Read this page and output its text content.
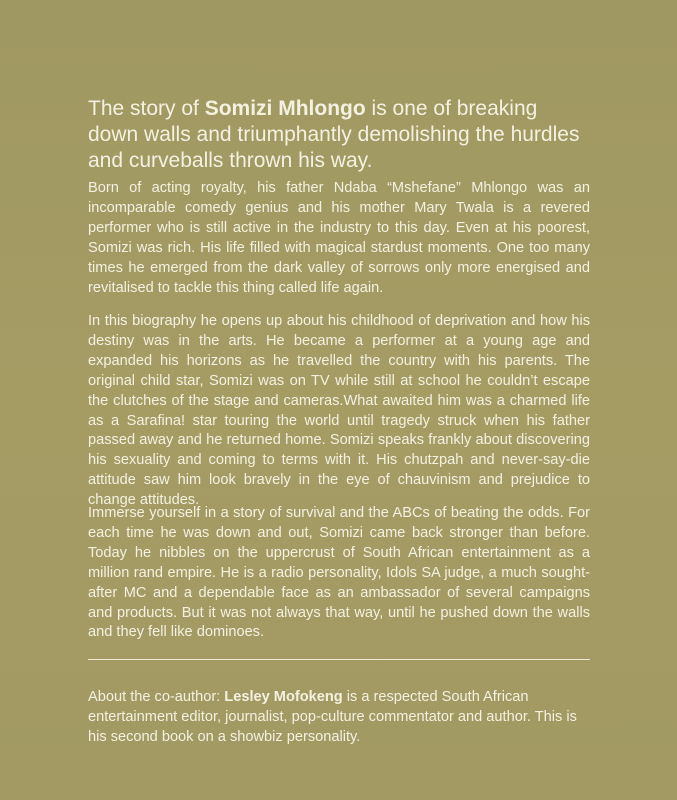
The story of Somizi Mhlongo is one of breaking down walls and triumphantly demolishing the hurdles and curveballs thrown his way.

Born of acting royalty, his father Ndaba “Mshefane” Mhlongo was an incomparable comedy genius and his mother Mary Twala is a revered performer who is still active in the industry to this day. Even at his poorest, Somizi was rich. His life filled with magical stardust moments. One too many times he emerged from the dark valley of sorrows only more energised and revitalised to tackle this thing called life again.

In this biography he opens up about his childhood of deprivation and how his destiny was in the arts. He became a performer at a young age and expanded his horizons as he travelled the country with his parents. The original child star, Somizi was on TV while still at school he couldn’t escape the clutches of the stage and cameras.What awaited him was a charmed life as a Sarafina! star touring the world until tragedy struck when his father passed away and he returned home. Somizi speaks frankly about discovering his sexuality and coming to terms with it. His chutzpah and never-say-die attitude saw him look bravely in the eye of chauvinism and prejudice to change attitudes.

Immerse yourself in a story of survival and the ABCs of beating the odds. For each time he was down and out, Somizi came back stronger than before. Today he nibbles on the uppercrust of South African entertainment as a million rand empire. He is a radio personality, Idols SA judge, a much sought-after MC and a dependable face as an ambassador of several campaigns and products. But it was not always that way, until he pushed down the walls and they fell like dominoes.

About the co-author: Lesley Mofokeng is a respected South African entertainment editor, journalist, pop-culture commentator and author. This is his second book on a showbiz personality.
